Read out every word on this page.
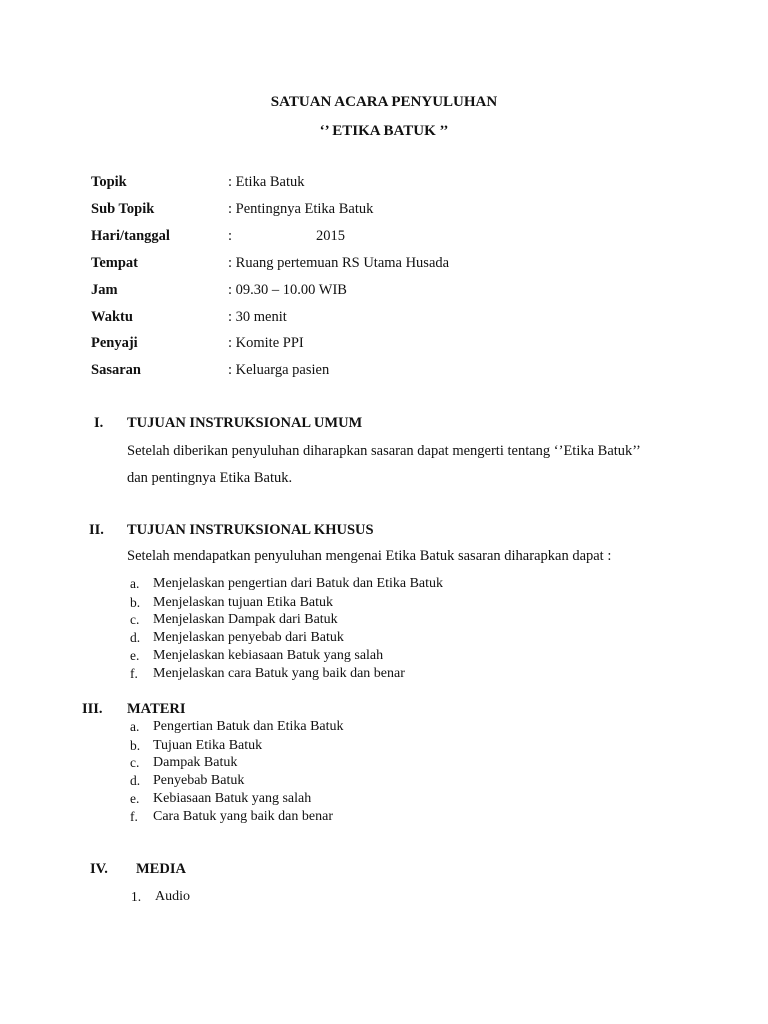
SATUAN ACARA PENYULUHAN
‘’ ETIKA BATUK ’’
Topik	: Etika Batuk
Sub Topik	: Pentingnya Etika Batuk
Hari/tanggal	:	2015
Tempat	: Ruang pertemuan RS Utama Husada
Jam	: 09.30 – 10.00 WIB
Waktu	: 30 menit
Penyaji	: Komite PPI
Sasaran	: Keluarga pasien
I. TUJUAN INSTRUKSIONAL UMUM
Setelah diberikan penyuluhan diharapkan sasaran dapat mengerti tentang ‘’Etika Batuk’’
dan pentingnya Etika Batuk.
II. TUJUAN INSTRUKSIONAL KHUSUS
Setelah mendapatkan penyuluhan mengenai Etika Batuk sasaran diharapkan dapat :
a. Menjelaskan pengertian dari Batuk dan Etika Batuk
b. Menjelaskan tujuan Etika Batuk
c. Menjelaskan Dampak dari Batuk
d. Menjelaskan penyebab dari Batuk
e. Menjelaskan kebiasaan Batuk yang salah
f. Menjelaskan cara Batuk yang baik dan benar
III. MATERI
a. Pengertian Batuk dan Etika Batuk
b. Tujuan Etika Batuk
c. Dampak Batuk
d. Penyebab Batuk
e. Kebiasaan Batuk yang salah
f. Cara Batuk yang baik dan benar
IV. MEDIA
1. Audio
